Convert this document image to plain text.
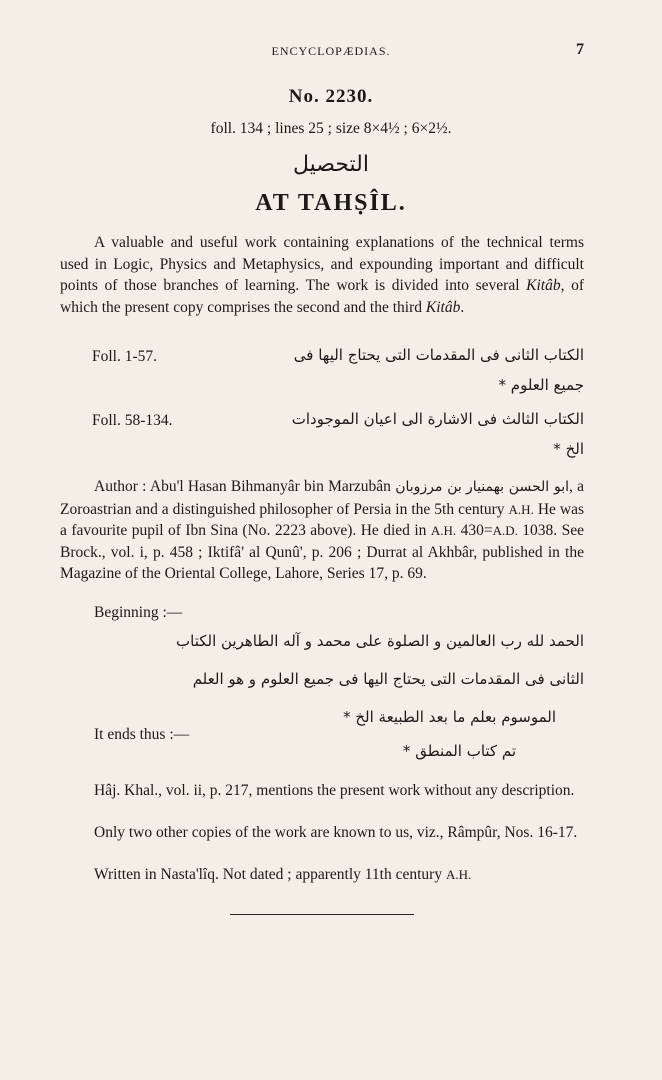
ENCYCLOPÆDIAS.	7
No. 2230.
foll. 134 ; lines 25 ; size 8×4½ ; 6×2½.
التحصيل
AT TAHṢÎL.
A valuable and useful work containing explanations of the technical terms used in Logic, Physics and Metaphysics, and expounding important and difficult points of those branches of learning. The work is divided into several Kitâb, of which the present copy comprises the second and the third Kitâb.
Foll. 1-57.	الكتاب الثانى فى المقدمات التى يحتاج اليها فى
جميع العلوم *
Foll. 58-134.	الكتاب الثالث فى الاشارة الى اعيان الموجودات
الخ *
Author : Abu'l Hasan Bihmanyâr bin Marzubân	ابو الحسن بهمنيار بن مرزوبان	, a Zoroastrian and a distinguished philosopher of Persia in the 5th century A.H. He was a favourite pupil of Ibn Sina (No. 2223 above). He died in A.H. 430=A.D. 1038. See Brock., vol. i, p. 458 ; Iktifâ' al Qunû', p. 206 ; Durrat al Akhbâr, published in the Magazine of the Oriental College, Lahore, Series 17, p. 69.
Beginning :—
الحمد لله رب العالمين و الصلوة على محمد و آله الطاهرين الكتاب
الثانى فى المقدمات التى يحتاج اليها فى جميع العلوم و هو العلم
الموسوم بعلم ما بعد الطبيعة الخ *
It ends thus :—
تم كتاب المنطق *
Hâj. Khal., vol. ii, p. 217, mentions the present work without any description.
Only two other copies of the work are known to us, viz., Râmpûr, Nos. 16-17.
Written in Nasta'lîq. Not dated ; apparently 11th century A.H.
